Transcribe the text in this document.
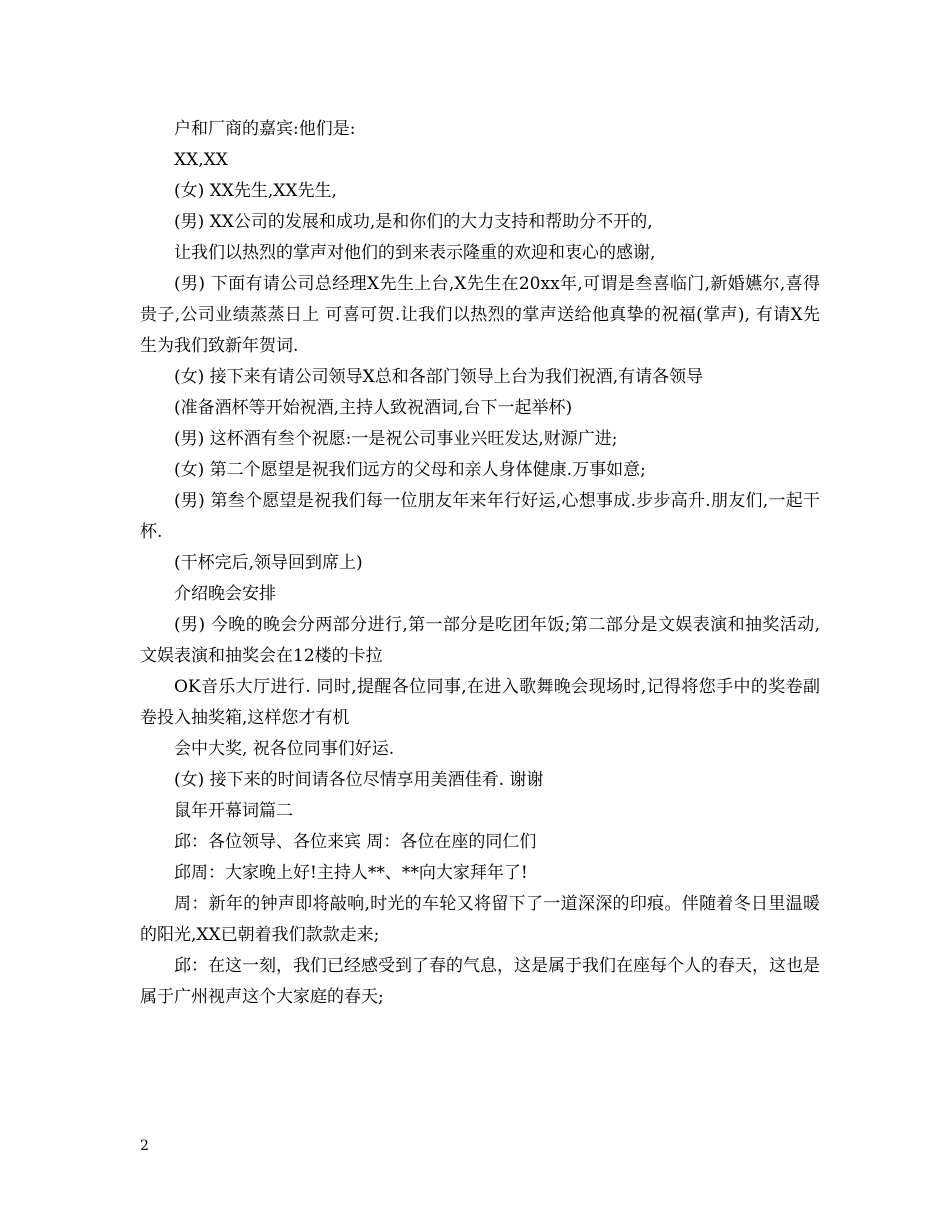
户和厂商的嘉宾:他们是:

XX,XX

(女) XX先生,XX先生,

(男) XX公司的发展和成功,是和你们的大力支持和帮助分不开的,

让我们以热烈的掌声对他们的到来表示隆重的欢迎和衷心的感谢,

(男) 下面有请公司总经理X先生上台,X先生在20xx年,可谓是叁喜临门,新婚嬿尔,喜得贵子,公司业绩蒸蒸日上 可喜可贺.让我们以热烈的掌声送给他真挚的祝福(掌声), 有请X先生为我们致新年贺词.

(女) 接下来有请公司领导X总和各部门领导上台为我们祝酒,有请各领导

(准备酒杯等开始祝酒,主持人致祝酒词,台下一起举杯)

(男) 这杯酒有叁个祝愿:一是祝公司事业兴旺发达,财源广进;

(女) 第二个愿望是祝我们远方的父母和亲人身体健康.万事如意;

(男) 第叁个愿望是祝我们每一位朋友年来年行好运,心想事成.步步高升.朋友们,一起干杯.

(干杯完后,领导回到席上)

介绍晚会安排

(男) 今晚的晚会分两部分进行,第一部分是吃团年饭;第二部分是文娱表演和抽奖活动,文娱表演和抽奖会在12楼的卡拉

OK音乐大厅进行. 同时,提醒各位同事,在进入歌舞晚会现场时,记得将您手中的奖卷副卷投入抽奖箱,这样您才有机

会中大奖, 祝各位同事们好运.

(女) 接下来的时间请各位尽情享用美酒佳肴. 谢谢

鼠年开幕词篇二

邱：各位领导、各位来宾 周：各位在座的同仁们

邱周：大家晚上好!主持人**、**向大家拜年了!

周：新年的钟声即将敲响,时光的车轮又将留下了一道深深的印痕。伴随着冬日里温暖的阳光,XX已朝着我们款款走来;

邱：在这一刻，我们已经感受到了春的气息，这是属于我们在座每个人的春天，这也是属于广州视声这个大家庭的春天;

2
